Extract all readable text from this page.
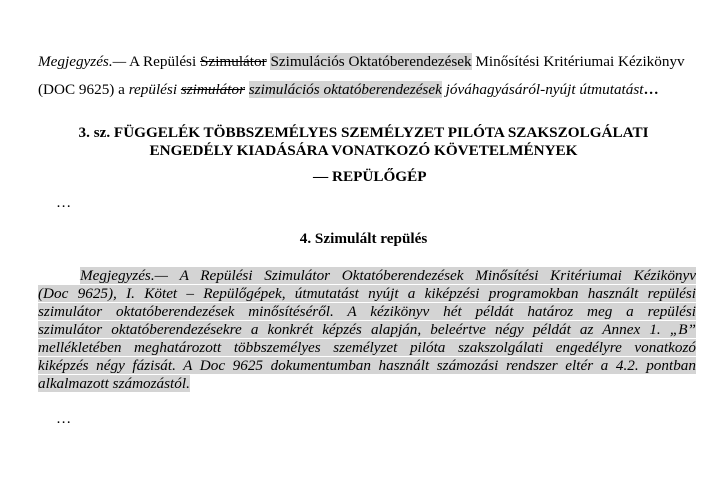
Megjegyzés.— A Repülési Szimulátor Szimulációs Oktatóberendezések Minősítési Kritériumai Kézikönyv
(DOC 9625) a repülési szimulátor szimulációs oktatóberendezések jóváhagyásáról-nyújt útmutatást…
3. sz. FÜGGELÉK TÖBBSZEMÉLYES SZEMÉLYZET PILÓTA SZAKSZOLGÁLATI
ENGEDÉLY KIADÁSÁRA VONATKOZÓ KÖVETELMÉNYEK
— REPÜLŐGÉP
…
4. Szimulált repülés
Megjegyzés.— A Repülési Szimulátor Oktatóberendezések Minősítési Kritériumai Kézikönyv
(Doc 9625), I. Kötet – Repülőgépek, útmutatást nyújt a kiképzési programokban használt repülési
szimulátor oktatóberendezések minősítéséről. A kézikönyv hét példát határoz meg a repülési
szimulátor oktatóberendezésekre a konkrét képzés alapján, beleértve négy példát az Annex 1. „B”
mellékletében meghatározott többszemélyes személyzet pilóta szakszolgálati engedélyre vonatkozó
kiképzés négy fázisát. A Doc 9625 dokumentumban használt számozási rendszer eltér a 4.2. pontban
alkalmazott számozástól.
…
